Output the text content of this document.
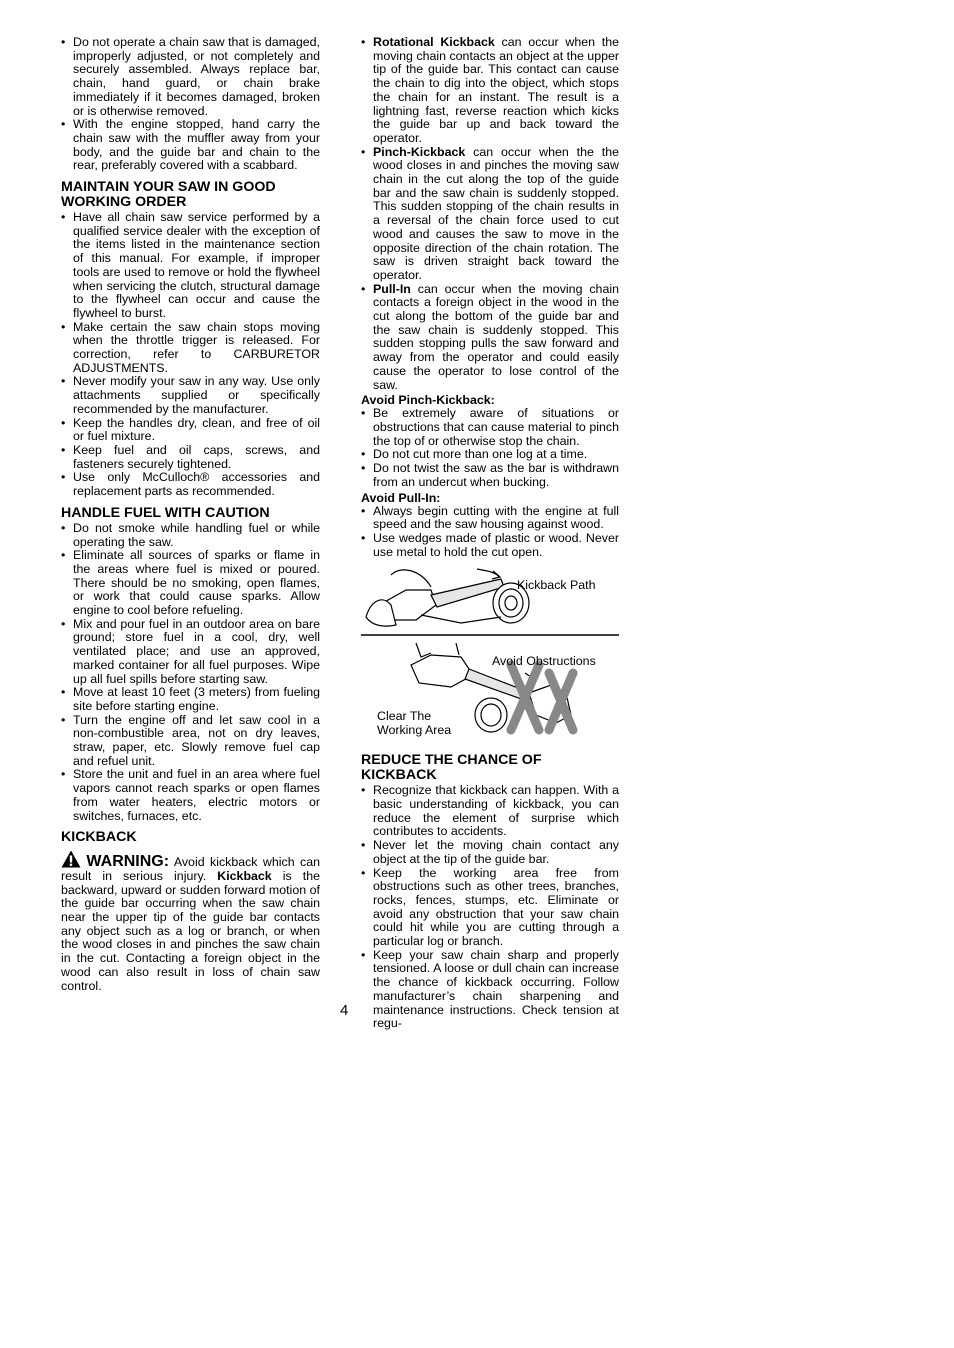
• Do not operate a chain saw that is damaged, improperly adjusted, or not completely and securely assembled. Always replace bar, chain, hand guard, or chain brake immediately if it becomes damaged, broken or is otherwise removed.
• With the engine stopped, hand carry the chain saw with the muffler away from your body, and the guide bar and chain to the rear, preferably covered with a scabbard.
MAINTAIN YOUR SAW IN GOOD WORKING ORDER
• Have all chain saw service performed by a qualified service dealer with the exception of the items listed in the maintenance section of this manual. For example, if improper tools are used to remove or hold the flywheel when servicing the clutch, structural damage to the flywheel can occur and cause the flywheel to burst.
• Make certain the saw chain stops moving when the throttle trigger is released. For correction, refer to CARBURETOR ADJUSTMENTS.
• Never modify your saw in any way. Use only attachments supplied or specifically recommended by the manufacturer.
• Keep the handles dry, clean, and free of oil or fuel mixture.
• Keep fuel and oil caps, screws, and fasteners securely tightened.
• Use only McCulloch® accessories and replacement parts as recommended.
HANDLE FUEL WITH CAUTION
• Do not smoke while handling fuel or while operating the saw.
• Eliminate all sources of sparks or flame in the areas where fuel is mixed or poured. There should be no smoking, open flames, or work that could cause sparks. Allow engine to cool before refueling.
• Mix and pour fuel in an outdoor area on bare ground; store fuel in a cool, dry, well ventilated place; and use an approved, marked container for all fuel purposes. Wipe up all fuel spills before starting saw.
• Move at least 10 feet (3 meters) from fueling site before starting engine.
• Turn the engine off and let saw cool in a non-combustible area, not on dry leaves, straw, paper, etc. Slowly remove fuel cap and refuel unit.
• Store the unit and fuel in an area where fuel vapors cannot reach sparks or open flames from water heaters, electric motors or switches, furnaces, etc.
KICKBACK

WARNING: Avoid kickback which can result in serious injury. Kickback is the backward, upward or sudden forward motion of the guide bar occurring when the saw chain near the upper tip of the guide bar contacts any object such as a log or branch, or when the wood closes in and pinches the saw chain in the cut. Contacting a foreign object in the wood can also result in loss of chain saw control.

• Rotational Kickback can occur when the moving chain contacts an object at the upper tip of the guide bar. This contact can cause the chain to dig into the object, which stops the chain for an instant. The result is a lightning fast, reverse reaction which kicks the guide bar up and back toward the operator.
• Pinch-Kickback can occur when the the wood closes in and pinches the moving saw chain in the cut along the top of the guide bar and the saw chain is suddenly stopped. This sudden stopping of the chain results in a reversal of the chain force used to cut wood and causes the saw to move in the opposite direction of the chain rotation. The saw is driven straight back toward the operator.
• Pull-In can occur when the moving chain contacts a foreign object in the wood in the cut along the bottom of the guide bar and the saw chain is suddenly stopped. This sudden stopping pulls the saw forward and away from the operator and could easily cause the operator to lose control of the saw.
Avoid Pinch-Kickback:
• Be extremely aware of situations or obstructions that can cause material to pinch the top of or otherwise stop the chain.
• Do not cut more than one log at a time.
• Do not twist the saw as the bar is withdrawn from an undercut when bucking.
Avoid Pull-In:
• Always begin cutting with the engine at full speed and the saw housing against wood.
• Use wedges made of plastic or wood. Never use metal to hold the cut open.
Kickback Path
Avoid Obstructions
Clear The
Working Area
REDUCE THE CHANCE OF KICKBACK
• Recognize that kickback can happen. With a basic understanding of kickback, you can reduce the element of surprise which contributes to accidents.
• Never let the moving chain contact any object at the tip of the guide bar.
• Keep the working area free from obstructions such as other trees, branches, rocks, fences, stumps, etc. Eliminate or avoid any obstruction that your saw chain could hit while you are cutting through a particular log or branch.
• Keep your saw chain sharp and properly tensioned. A loose or dull chain can increase the chance of kickback occurring. Follow manufacturer’s chain sharpening and maintenance instructions. Check tension at regu-
4
